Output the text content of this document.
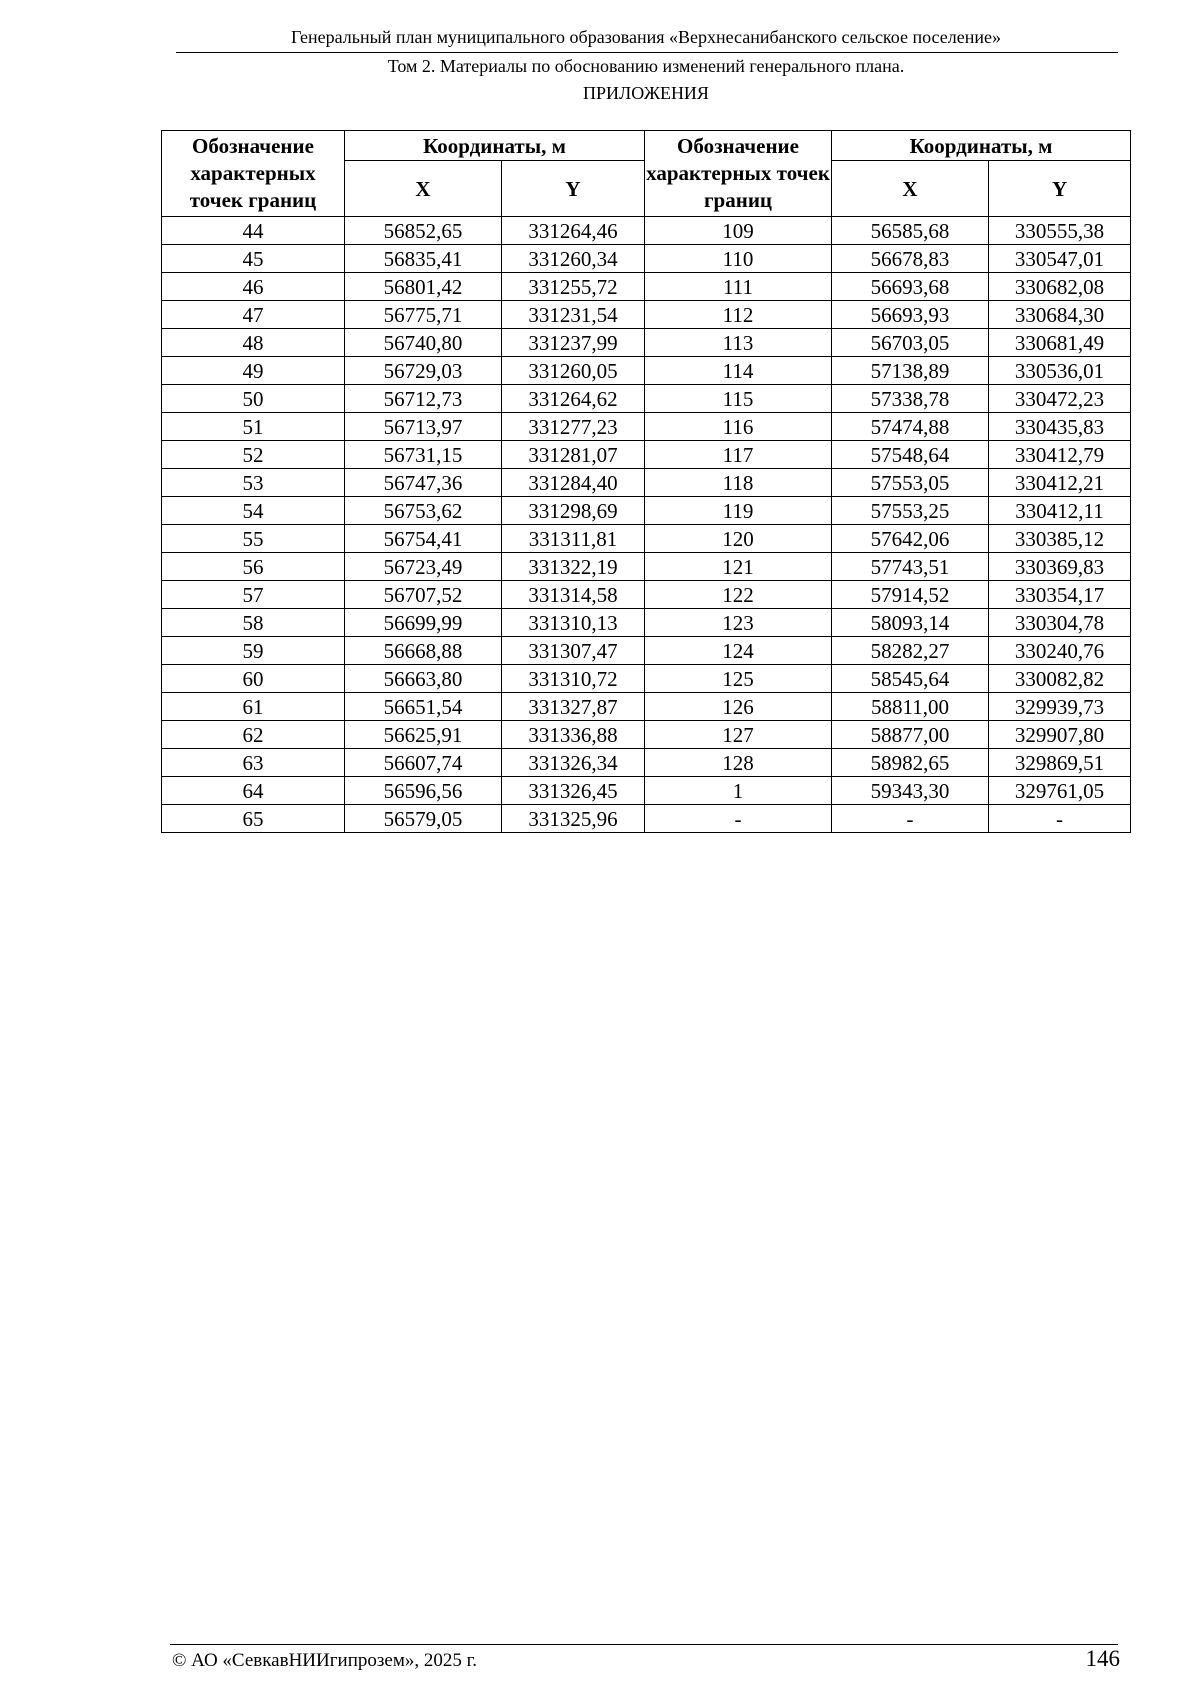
Генеральный план муниципального образования «Верхнесанибанского сельское поселение»
Том 2. Материалы по обоснованию изменений генерального плана.
ПРИЛОЖЕНИЯ
Обозначение характерных точек границ	Координаты, м		Обозначение характерных точек границ	Координаты, м	
	X	Y		X	Y
44	56852,65	331264,46	109	56585,68	330555,38
45	56835,41	331260,34	110	56678,83	330547,01
46	56801,42	331255,72	111	56693,68	330682,08
47	56775,71	331231,54	112	56693,93	330684,30
48	56740,80	331237,99	113	56703,05	330681,49
49	56729,03	331260,05	114	57138,89	330536,01
50	56712,73	331264,62	115	57338,78	330472,23
51	56713,97	331277,23	116	57474,88	330435,83
52	56731,15	331281,07	117	57548,64	330412,79
53	56747,36	331284,40	118	57553,05	330412,21
54	56753,62	331298,69	119	57553,25	330412,11
55	56754,41	331311,81	120	57642,06	330385,12
56	56723,49	331322,19	121	57743,51	330369,83
57	56707,52	331314,58	122	57914,52	330354,17
58	56699,99	331310,13	123	58093,14	330304,78
59	56668,88	331307,47	124	58282,27	330240,76
60	56663,80	331310,72	125	58545,64	330082,82
61	56651,54	331327,87	126	58811,00	329939,73
62	56625,91	331336,88	127	58877,00	329907,80
63	56607,74	331326,34	128	58982,65	329869,51
64	56596,56	331326,45	1	59343,30	329761,05
65	56579,05	331325,96	-	-	-
© АО «СевкавНИИгипрозем», 2025 г.	146
